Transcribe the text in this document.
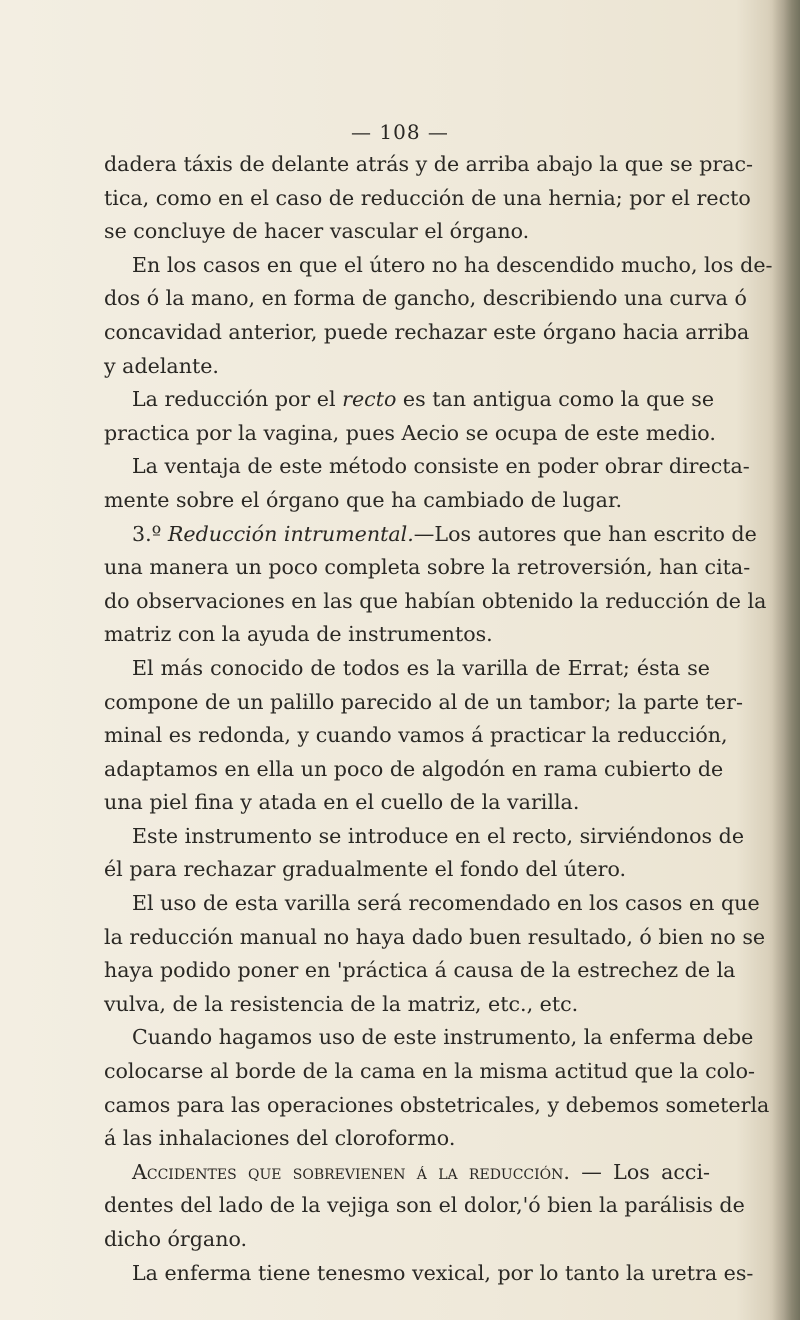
— 108 —
dadera táxis de delante atrás y de arriba abajo la que se prac-
tica, como en el caso de reducción de una hernia; por el recto
se concluye de hacer vascular el órgano.
En los casos en que el útero no ha descendido mucho, los de-
dos ó la mano, en forma de gancho, describiendo una curva ó
concavidad anterior, puede rechazar este órgano hacia arriba
y adelante.
La reducción por el recto es tan antigua como la que se
practica por la vagina, pues Aecio se ocupa de este medio.
La ventaja de este método consiste en poder obrar directa-
mente sobre el órgano que ha cambiado de lugar.
3.º Reducción intrumental.—Los autores que han escrito de
una manera un poco completa sobre la retroversión, han cita-
do observaciones en las que habían obtenido la reducción de la
matriz con la ayuda de instrumentos.
El más conocido de todos es la varilla de Errat; ésta se
compone de un palillo parecido al de un tambor; la parte ter-
minal es redonda, y cuando vamos á practicar la reducción,
adaptamos en ella un poco de algodón en rama cubierto de
una piel fina y atada en el cuello de la varilla.
Este instrumento se introduce en el recto, sirviéndonos de
él para rechazar gradualmente el fondo del útero.
El uso de esta varilla será recomendado en los casos en que
la reducción manual no haya dado buen resultado, ó bien no se
haya podido poner en 'práctica á causa de la estrechez de la
vulva, de la resistencia de la matriz, etc., etc.
Cuando hagamos uso de este instrumento, la enferma debe
colocarse al borde de la cama en la misma actitud que la colo-
camos para las operaciones obstetricales, y debemos someterla
á las inhalaciones del cloroformo.
Accidentes que sobrevienen á la reducción. — Los acci-
dentes del lado de la vejiga son el dolor,'ó bien la parálisis de
dicho órgano.
La enferma tiene tenesmo vexical, por lo tanto la uretra es-
